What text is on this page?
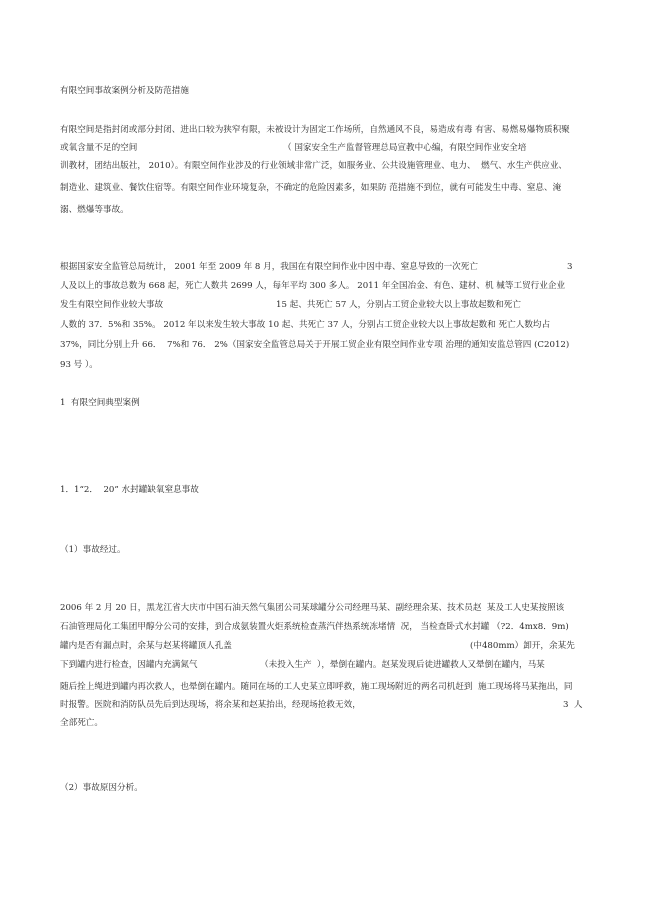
有限空间事故案例分析及防范措施
有限空间是指封闭或部分封闭、进出口较为狭窄有限，未被设计为固定工作场所，自然通风不良，易造成有毒 有害、易燃易爆物质积聚
或氧含量不足的空间	（ 国家安全生产监督管理总局宣教中心编，有限空间作业安全培
训教材，团结出版社， 2010）。有限空间作业涉及的行业领域非常广泛，如服务业、公共设施管理业、电力、  燃气、水生产供应业、
制造业、建筑业、餐饮住宿等。有限空间作业环境复杂，不确定的危险因素多，如果防 范措施不到位，就有可能发生中毒、窒息、淹
溺、燃爆等事故。
根据国家安全监管总局统计， 2001 年至 2009 年 8 月，我国在有限空间作业中因中毒、窒息导致的一次死亡	3
人及以上的事故总数为 668 起，死亡人数共 2699 人，每年平均 300 多人。 2011 年全国冶金、有色、建材、机 械等工贸行业企业
发生有限空间作业较大事故	15 起、共死亡 57 人，分别占工贸企业较大以上事故起数和死亡
人数的 37．5%和 35%。 2012 年以来发生较大事故 10 起、共死亡 37 人，分别占工贸企业较大以上事故起数和 死亡人数均占
37%，同比分别上升 66．  7%和 76． 2%（国家安全监管总局关于开展工贸企业有限空间作业专项 治理的通知安监总管四 (C2012)
93 号 ）。
1  有限空间典型案例
1．1“2．  20” 水封罐缺氧窒息事故
（1）事故经过。
2006 年 2 月 20 日，黑龙江省大庆市中国石油天然气集团公司某球罐分公司经理马某、副经理余某、技术员赵  某及工人史某按照该
石油管理局化工集团甲醇分公司的安排，到合成氨装置火炬系统检查蒸汽伴热系统冻堵情  况， 当检查卧式水封罐 （?2．4mx8．9m)
罐内是否有漏点时，余某与赵某将罐顶人孔盖	(中480mm）卸开，余某先
下到罐内进行检查，因罐内充满氮气	（未投入生产  ），晕倒在罐内。赵某发现后徒进罐救人又晕倒在罐内，马某
随后拴上绳进到罐内再次救人，也晕倒在罐内。随同在场的工人史某立即呼救，施工现场附近的两名司机赶到  施工现场将马某拖出，同
时报警。医院和消防队员先后到达现场，将余某和赵某抬出，经现场抢救无效，	3  人
全部死亡。
（2）事故原因分析。
